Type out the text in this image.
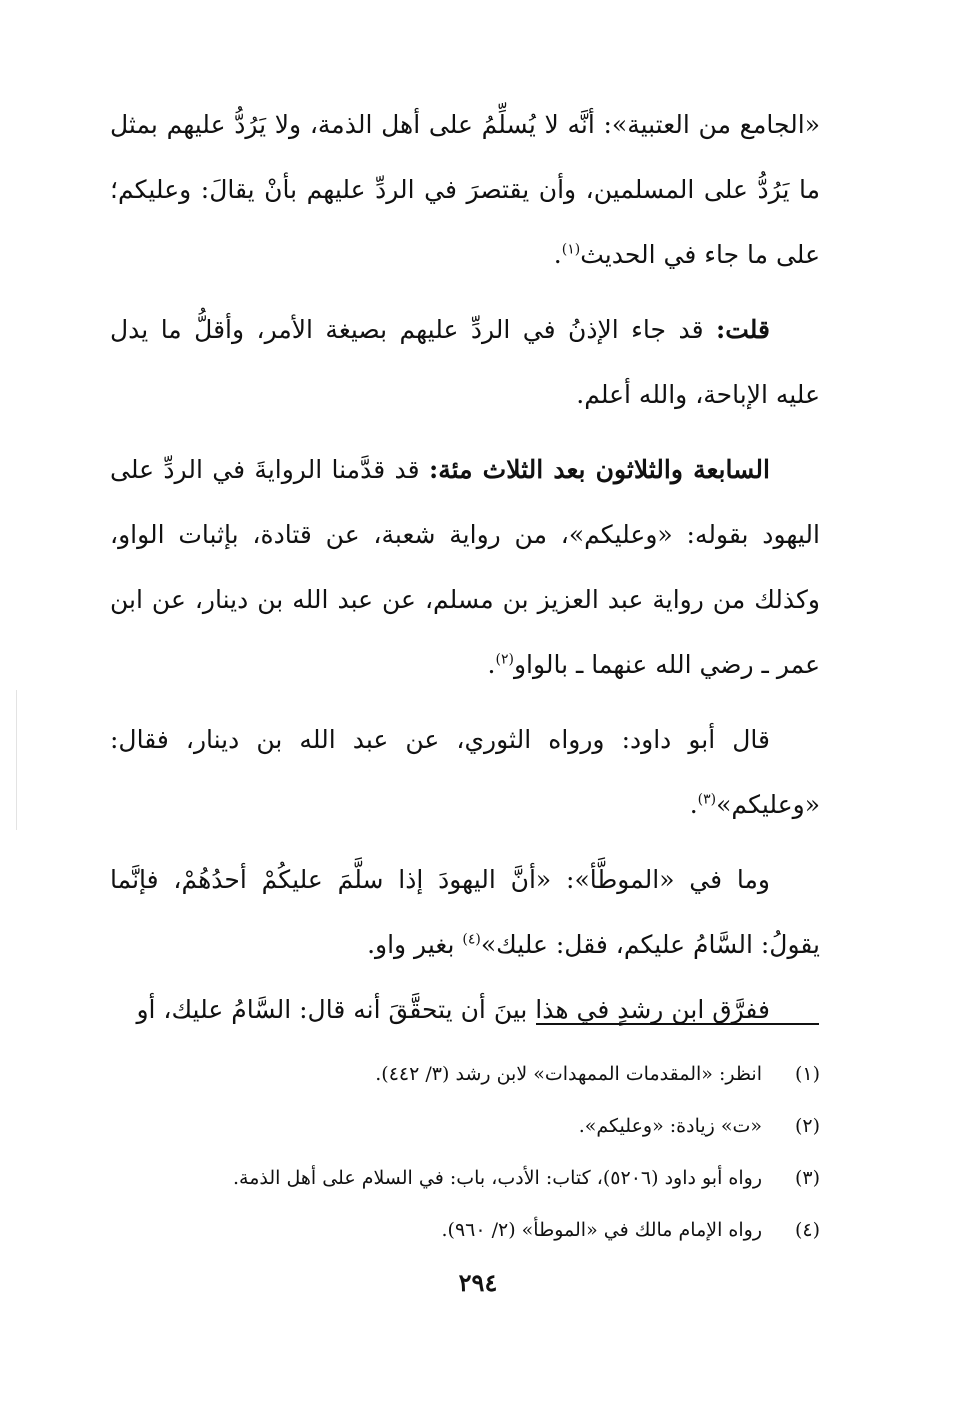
«الجامع من العتبية»: أنَّه لا يُسلِّمُ على أهل الذمة، ولا يَرُدُّ عليهم بمثل ما يَرُدُّ على المسلمين، وأن يقتصرَ في الردِّ عليهم بأنْ يقالَ: وعليكم؛ على ما جاء في الحديث$^{(١)}$.

قلت: قد جاء الإذنُ في الردِّ عليهم بصيغة الأمر، وأقلُّ ما يدل عليه الإباحة، والله أعلم.

السابعة والثلاثون بعد الثلاث مئة: قد قدَّمنا الروايةَ في الردِّ على اليهود بقوله: «وعليكم»، من رواية شعبة، عن قتادة، بإثبات الواو، وكذلك من رواية عبد العزيز بن مسلم، عن عبد الله بن دينار، عن ابن عمر ـ رضي الله عنهما ـ بالواو$^{(٢)}$.

قال أبو داود: ورواه الثوري، عن عبد الله بن دينار، فقال: «وعليكم»$^{(٣)}$.

وما في «الموطَّأ»: «أنَّ اليهودَ إذا سلَّمَ عليكُمْ أحدُهُمْ، فإنَّما يقولُ: السَّامُ عليكم، فقل: عليك»$^{(٤)}$ بغير واو.

ففرَّق ابن رشدٍ في هذا بينَ أن يتحقَّقَ أنه قال: السَّامُ عليك، أو

(١)
انظر: «المقدمات الممهدات» لابن رشد (٣/ ٤٤٢).
(٢)
«ت» زيادة: «وعليكم».
(٣)
رواه أبو داود (٥٢٠٦)، كتاب: الأدب، باب: في السلام على أهل الذمة.
(٤)
رواه الإمام مالك في «الموطأ» (٢/ ٩٦٠).
٢٩٤
